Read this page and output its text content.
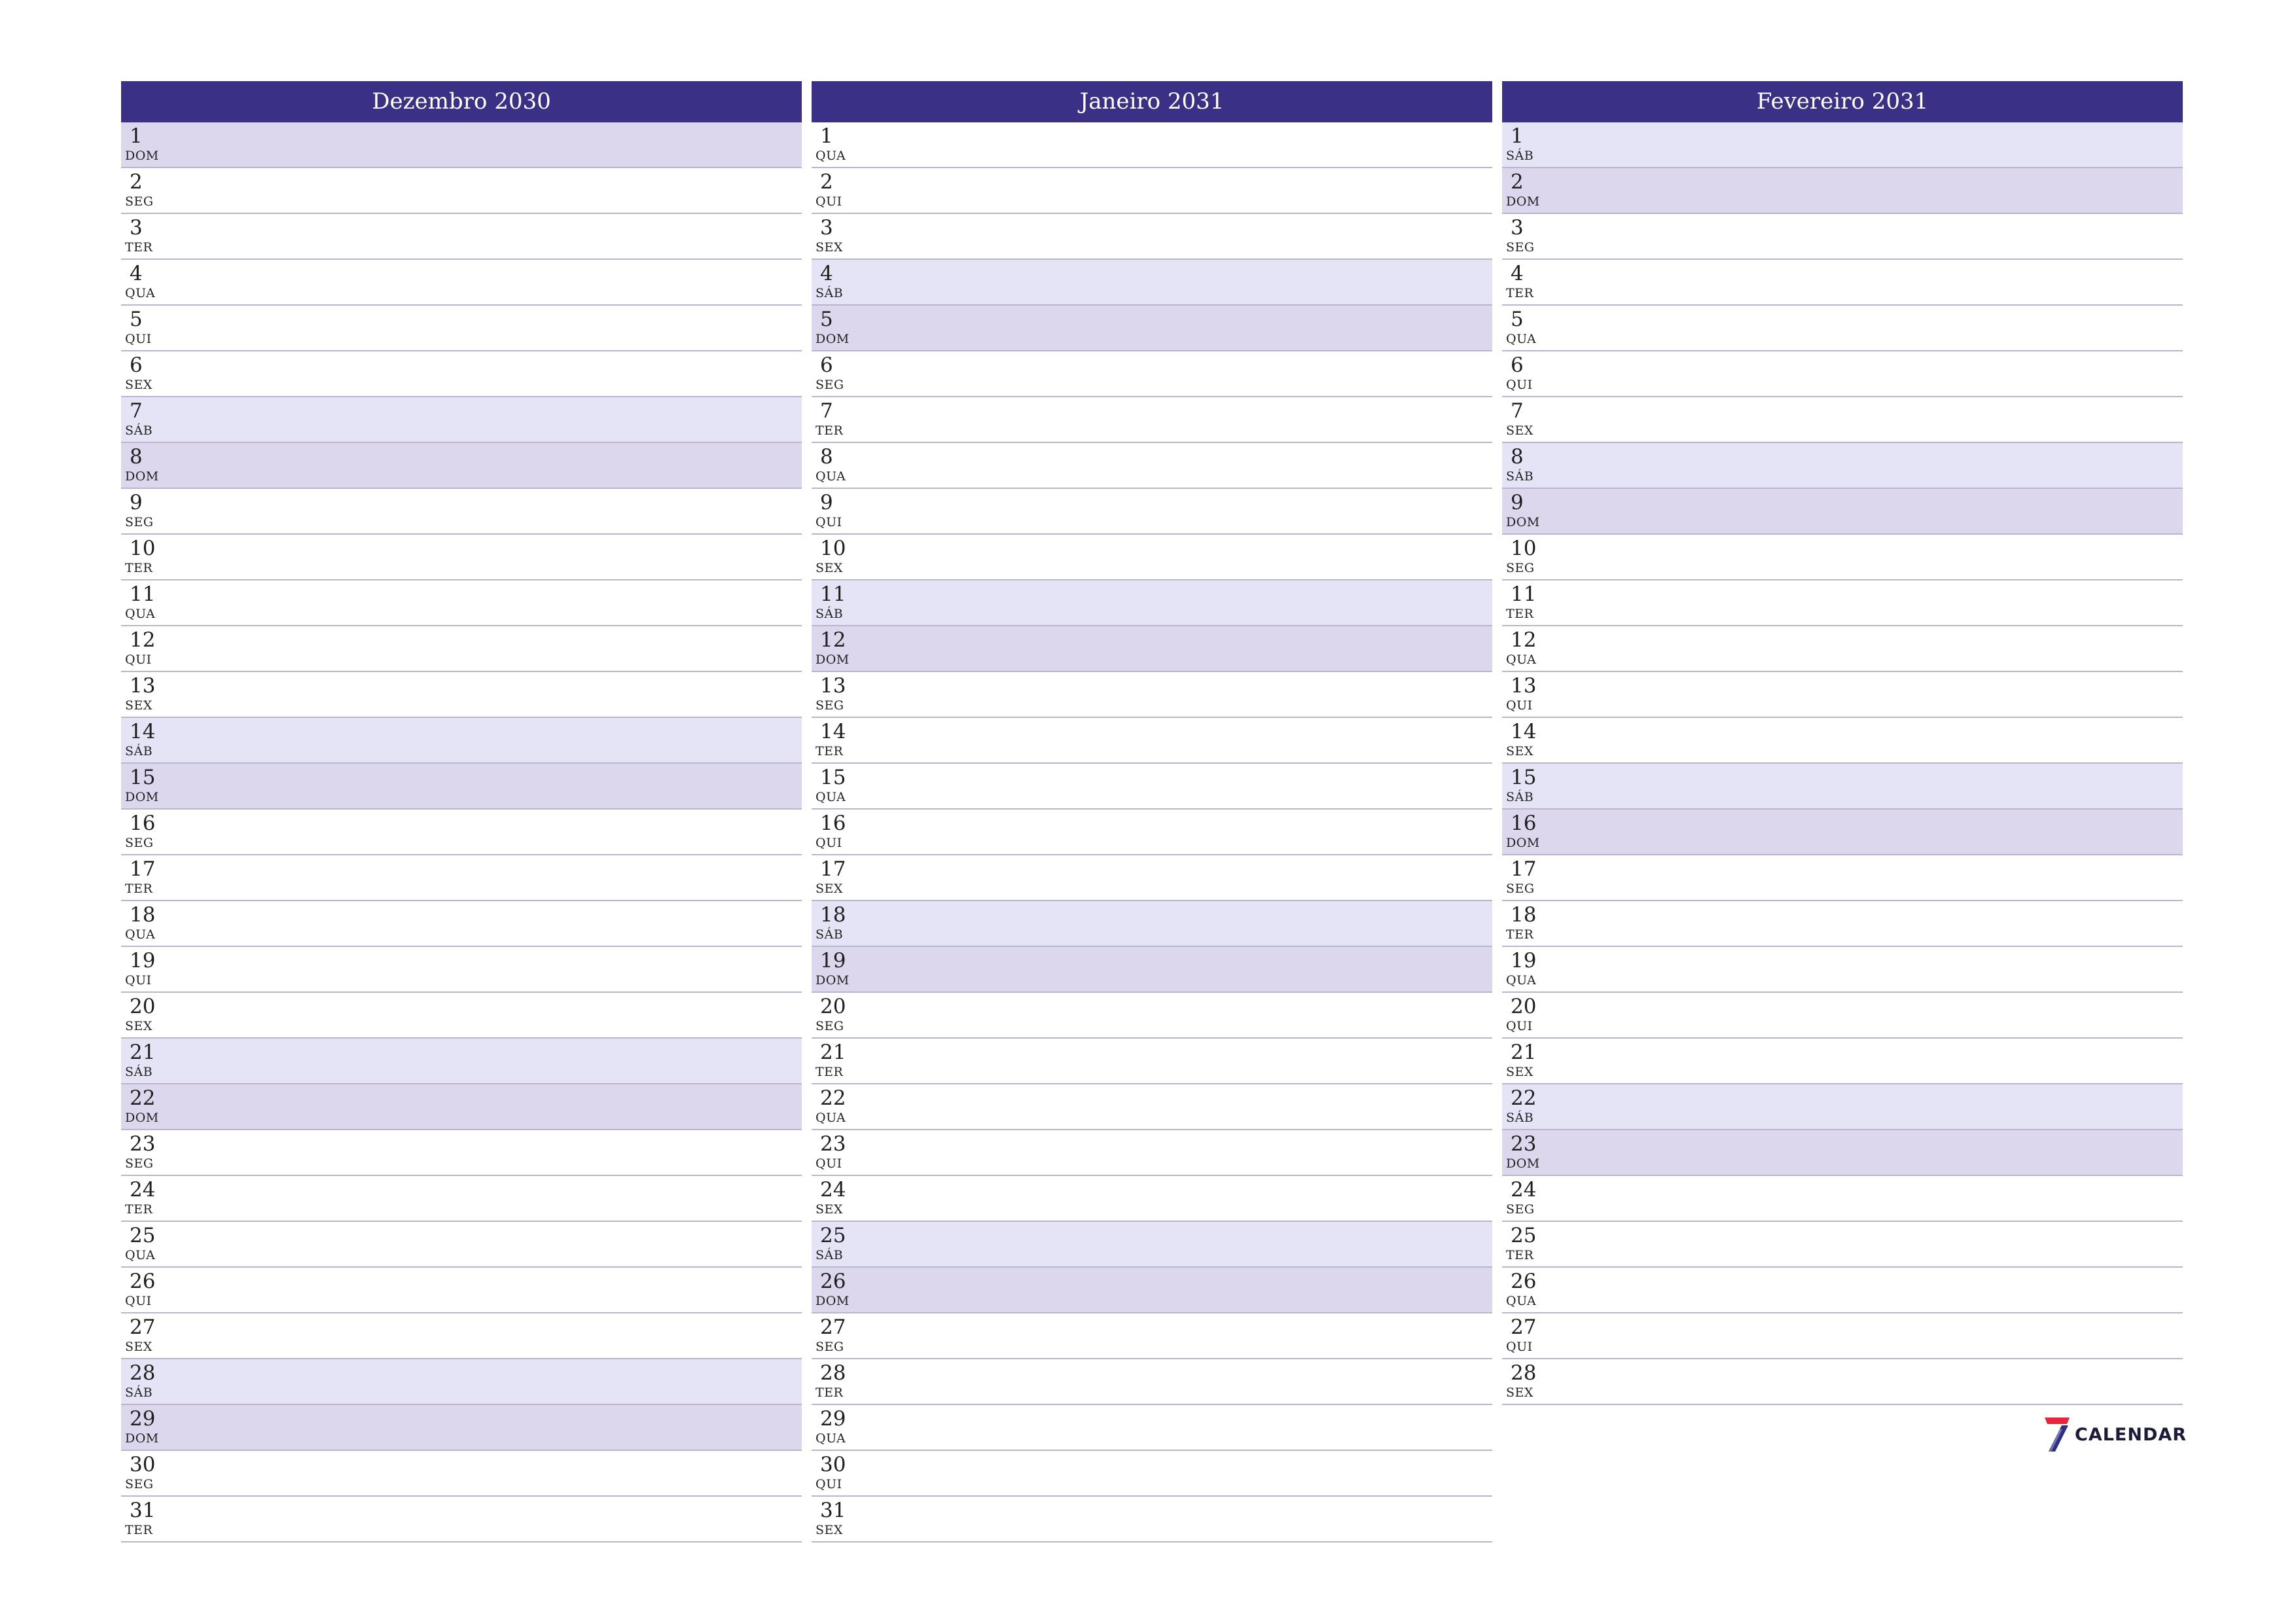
Dezembro 2030
1
DOM
2
SEG
3
TER
4
QUA
5
QUI
6
SEX
7
SÁB
8
DOM
9
SEG
10
TER
11
QUA
12
QUI
13
SEX
14
SÁB
15
DOM
16
SEG
17
TER
18
QUA
19
QUI
20
SEX
21
SÁB
22
DOM
23
SEG
24
TER
25
QUA
26
QUI
27
SEX
28
SÁB
29
DOM
30
SEG
31
TER
Janeiro 2031
1
QUA
2
QUI
3
SEX
4
SÁB
5
DOM
6
SEG
7
TER
8
QUA
9
QUI
10
SEX
11
SÁB
12
DOM
13
SEG
14
TER
15
QUA
16
QUI
17
SEX
18
SÁB
19
DOM
20
SEG
21
TER
22
QUA
23
QUI
24
SEX
25
SÁB
26
DOM
27
SEG
28
TER
29
QUA
30
QUI
31
SEX
Fevereiro 2031
1
SÁB
2
DOM
3
SEG
4
TER
5
QUA
6
QUI
7
SEX
8
SÁB
9
DOM
10
SEG
11
TER
12
QUA
13
QUI
14
SEX
15
SÁB
16
DOM
17
SEG
18
TER
19
QUA
20
QUI
21
SEX
22
SÁB
23
DOM
24
SEG
25
TER
26
QUA
27
QUI
28
SEX
CALENDAR
